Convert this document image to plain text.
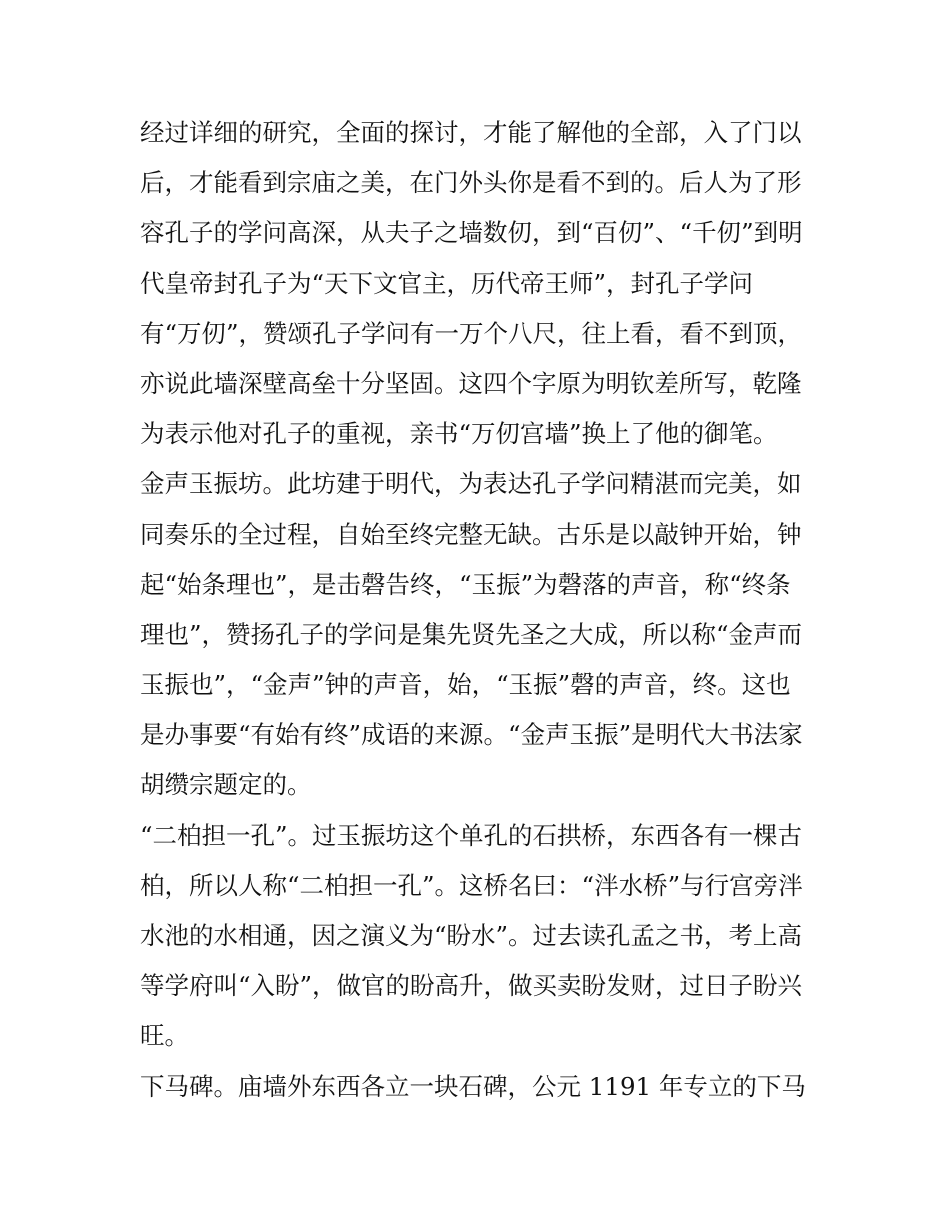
经过详细的研究，全面的探讨，才能了解他的全部，入了门以
后，才能看到宗庙之美，在门外头你是看不到的。后人为了形
容孔子的学问高深，从夫子之墙数仞，到“百仞”、“千仞”到明
代皇帝封孔子为“天下文官主，历代帝王师”，封孔子学问
有“万仞”，赞颂孔子学问有一万个八尺，往上看，看不到顶，
亦说此墙深壁高垒十分坚固。这四个字原为明钦差所写，乾隆
为表示他对孔子的重视，亲书“万仞宫墙”换上了他的御笔。
金声玉振坊。此坊建于明代，为表达孔子学问精湛而完美，如
同奏乐的全过程，自始至终完整无缺。古乐是以敲钟开始，钟
起“始条理也”，是击磬告终，“玉振”为磬落的声音，称“终条
理也”，赞扬孔子的学问是集先贤先圣之大成，所以称“金声而
玉振也”，“金声”钟的声音，始，“玉振”磬的声音，终。这也
是办事要“有始有终”成语的来源。“金声玉振”是明代大书法家
胡缵宗题定的。
“二柏担一孔”。过玉振坊这个单孔的石拱桥，东西各有一棵古
柏，所以人称“二柏担一孔”。这桥名曰：“泮水桥”与行宫旁泮
水池的水相通，因之演义为“盼水”。过去读孔孟之书，考上高
等学府叫“入盼”，做官的盼高升，做买卖盼发财，过日子盼兴
旺。
下马碑。庙墙外东西各立一块石碑，公元 1191 年专立的下马
